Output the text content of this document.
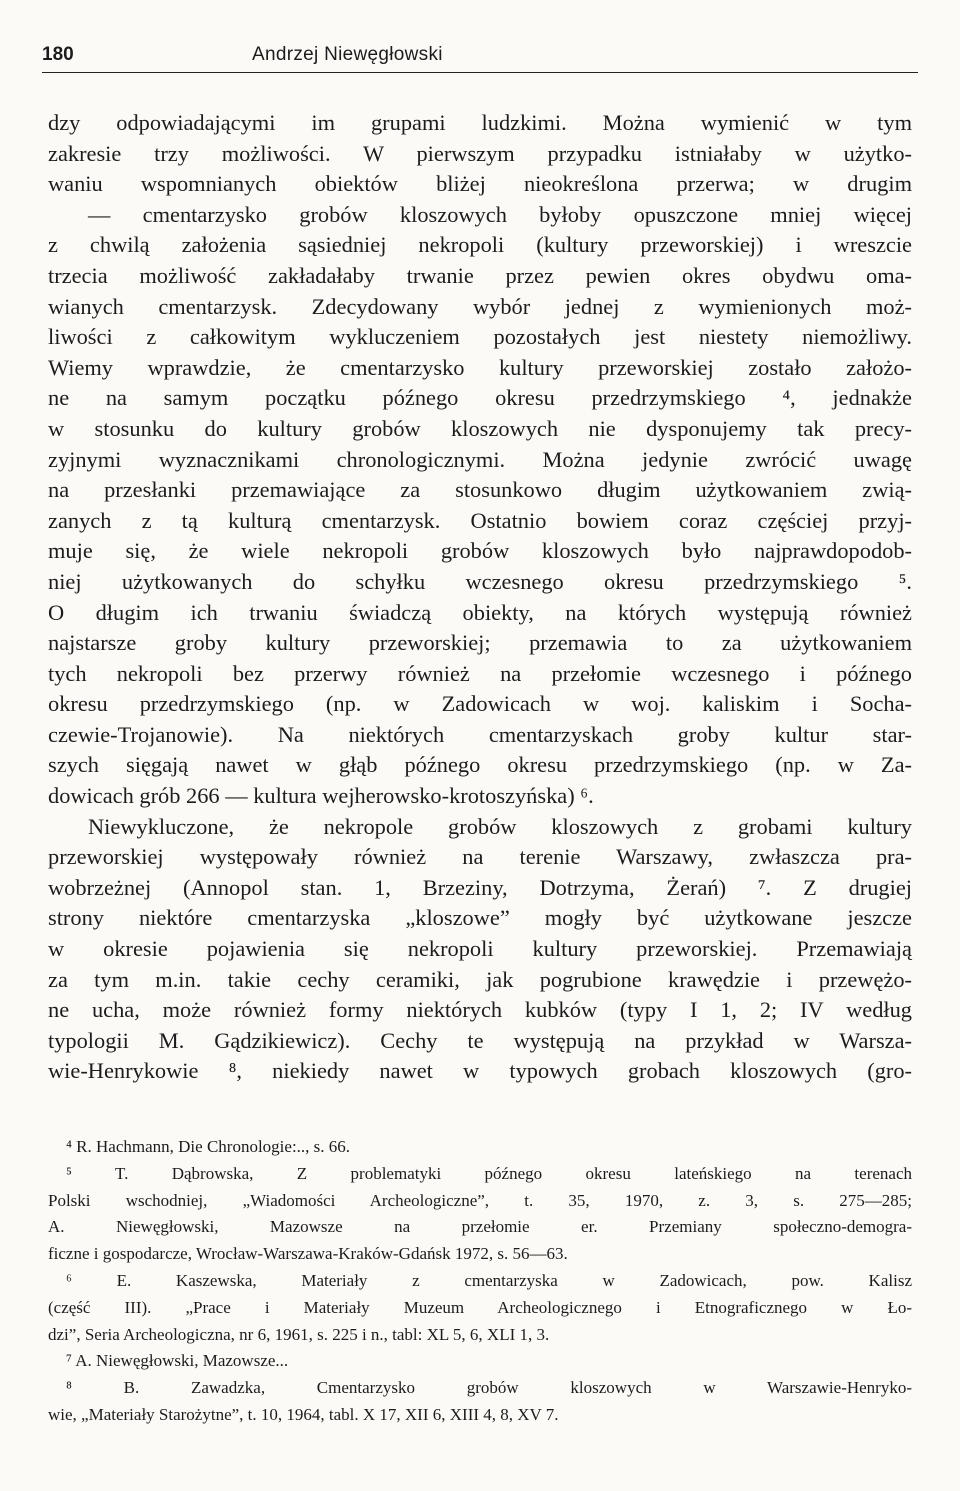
180	Andrzej Niewęgłowski
dzy odpowiadającymi im grupami ludzkimi. Można wymienić w tym
zakresie trzy możliwości. W pierwszym przypadku istniałaby w użytko-
waniu wspomnianych obiektów bliżej nieokreślona przerwa; w drugim
— cmentarzysko grobów kloszowych byłoby opuszczone mniej więcej
z chwilą założenia sąsiedniej nekropoli (kultury przeworskiej) i wreszcie
trzecia możliwość zakładałaby trwanie przez pewien okres obydwu oma-
wianych cmentarzysk. Zdecydowany wybór jednej z wymienionych moż-
liwości z całkowitym wykluczeniem pozostałych jest niestety niemożliwy.
Wiemy wprawdzie, że cmentarzysko kultury przeworskiej zostało założo-
ne na samym początku późnego okresu przedrzymskiego ⁴, jednakże
w stosunku do kultury grobów kloszowych nie dysponujemy tak precy-
zyjnymi wyznacznikami chronologicznymi. Można jedynie zwrócić uwagę
na przesłanki przemawiające za stosunkowo długim użytkowaniem zwią-
zanych z tą kulturą cmentarzysk. Ostatnio bowiem coraz częściej przyj-
muje się, że wiele nekropoli grobów kloszowych było najprawdopodob-
niej użytkowanych do schyłku wczesnego okresu przedrzymskiego ⁵.
O długim ich trwaniu świadczą obiekty, na których występują również
najstarsze groby kultury przeworskiej; przemawia to za użytkowaniem
tych nekropoli bez przerwy również na przełomie wczesnego i późnego
okresu przedrzymskiego (np. w Zadowicach w woj. kaliskim i Socha-
czewie-Trojanowie). Na niektórych cmentarzyskach groby kultur star-
szych sięgają nawet w głąb późnego okresu przedrzymskiego (np. w Za-
dowicach grób 266 — kultura wejherowsko-krotoszyńska) ⁶.
Niewykluczone, że nekropole grobów kloszowych z grobami kultury
przeworskiej występowały również na terenie Warszawy, zwłaszcza pra-
wobrzeżnej (Annopol stan. 1, Brzeziny, Dotrzyma, Żerań) ⁷. Z drugiej
strony niektóre cmentarzyska „kloszowe” mogły być użytkowane jeszcze
w okresie pojawienia się nekropoli kultury przeworskiej. Przemawiają
za tym m.in. takie cechy ceramiki, jak pogrubione krawędzie i przewężo-
ne ucha, może również formy niektórych kubków (typy I 1, 2; IV według
typologii M. Gądzikiewicz). Cechy te występują na przykład w Warsza-
wie-Henrykowie ⁸, niekiedy nawet w typowych grobach kloszowych (gro-
⁴ R. Hachmann, Die Chronologie:.., s. 66.
⁵ T. Dąbrowska, Z problematyki późnego okresu lateńskiego na terenach
Polski wschodniej, „Wiadomości Archeologiczne”, t. 35, 1970, z. 3, s. 275—285;
A. Niewęgłowski, Mazowsze na przełomie er. Przemiany społeczno-demogra-
ficzne i gospodarcze, Wrocław-Warszawa-Kraków-Gdańsk 1972, s. 56—63.
⁶ E. Kaszewska, Materiały z cmentarzyska w Zadowicach, pow. Kalisz
(część III). „Prace i Materiały Muzeum Archeologicznego i Etnograficznego w Ło-
dzi”, Seria Archeologiczna, nr 6, 1961, s. 225 i n., tabl: XL 5, 6, XLI 1, 3.
⁷ A. Niewęgłowski, Mazowsze...
⁸ B. Zawadzka, Cmentarzysko grobów kloszowych w Warszawie-Henryko-
wie, „Materiały Starożytne”, t. 10, 1964, tabl. X 17, XII 6, XIII 4, 8, XV 7.
